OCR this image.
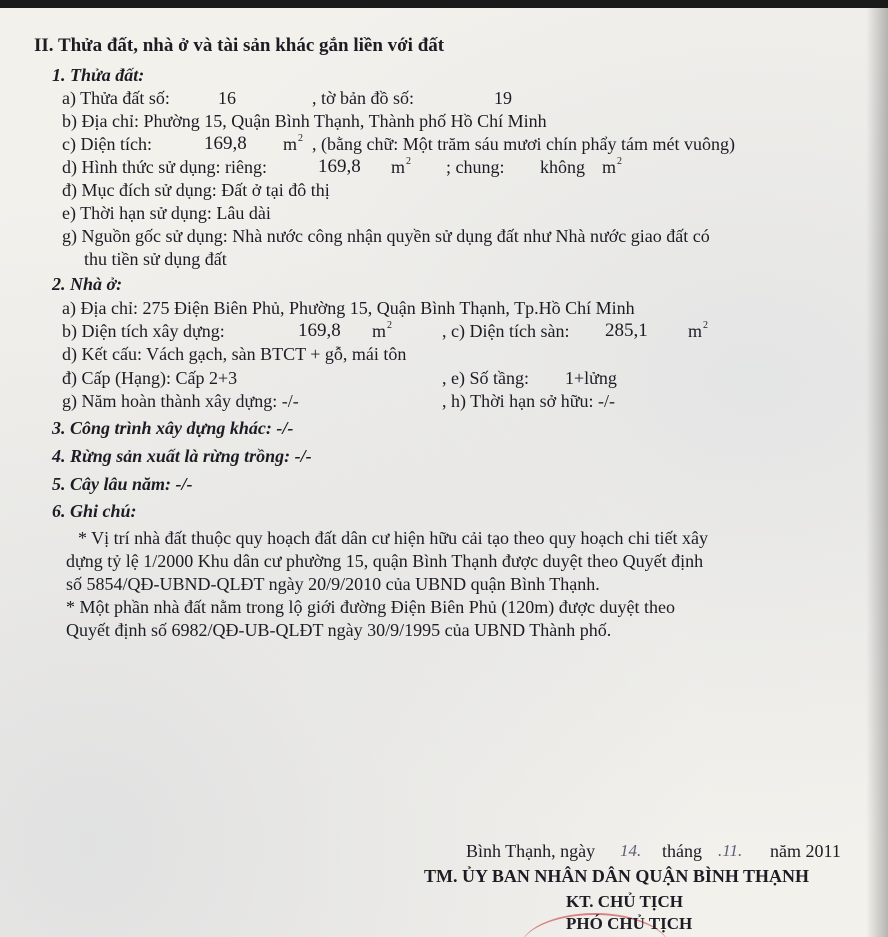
II. Thửa đất, nhà ở và tài sản khác gắn liền với đất
1. Thửa đất:
a) Thửa đất số:	16	, tờ bản đồ số:	19
b) Địa chỉ: Phường 15, Quận Bình Thạnh, Thành phố Hồ Chí Minh
c) Diện tích:	169,8 $m^2$ , (bằng chữ: Một trăm sáu mươi chín phẩy tám mét vuông)
d) Hình thức sử dụng: riêng:	169,8 $m^2$ ; chung: không $m^2$
đ) Mục đích sử dụng: Đất ở tại đô thị
e) Thời hạn sử dụng: Lâu dài
g) Nguồn gốc sử dụng: Nhà nước công nhận quyền sử dụng đất như Nhà nước giao đất có
thu tiền sử dụng đất
2. Nhà ở:
a) Địa chỉ: 275 Điện Biên Phủ, Phường 15, Quận Bình Thạnh, Tp.Hồ Chí Minh
b) Diện tích xây dựng:	169,8 $m^2$	, c) Diện tích sàn: 285,1 $m^2$
d) Kết cấu: Vách gạch, sàn BTCT + gỗ, mái tôn
đ) Cấp (Hạng): Cấp 2+3	, e) Số tầng: 1+lửng
g) Năm hoàn thành xây dựng: -/-	, h) Thời hạn sở hữu: -/-
3. Công trình xây dựng khác: -/-
4. Rừng sản xuất là rừng trồng: -/-
5. Cây lâu năm: -/-
6. Ghi chú:
* Vị trí nhà đất thuộc quy hoạch đất dân cư hiện hữu cải tạo theo quy hoạch chi tiết xây
dựng tỷ lệ 1/2000 Khu dân cư phường 15, quận Bình Thạnh được duyệt theo Quyết định
số 5854/QĐ-UBND-QLĐT ngày 20/9/2010 của UBND quận Bình Thạnh.
* Một phần nhà đất nằm trong lộ giới đường Điện Biên Phủ (120m) được duyệt theo
Quyết định số 6982/QĐ-UB-QLĐT ngày 30/9/1995 của UBND Thành phố.
Bình Thạnh, ngày 14. tháng .11. năm 2011
TM. ỦY BAN NHÂN DÂN QUẬN BÌNH THẠNH
KT. CHỦ TỊCH
PHÓ CHỦ TỊCH
